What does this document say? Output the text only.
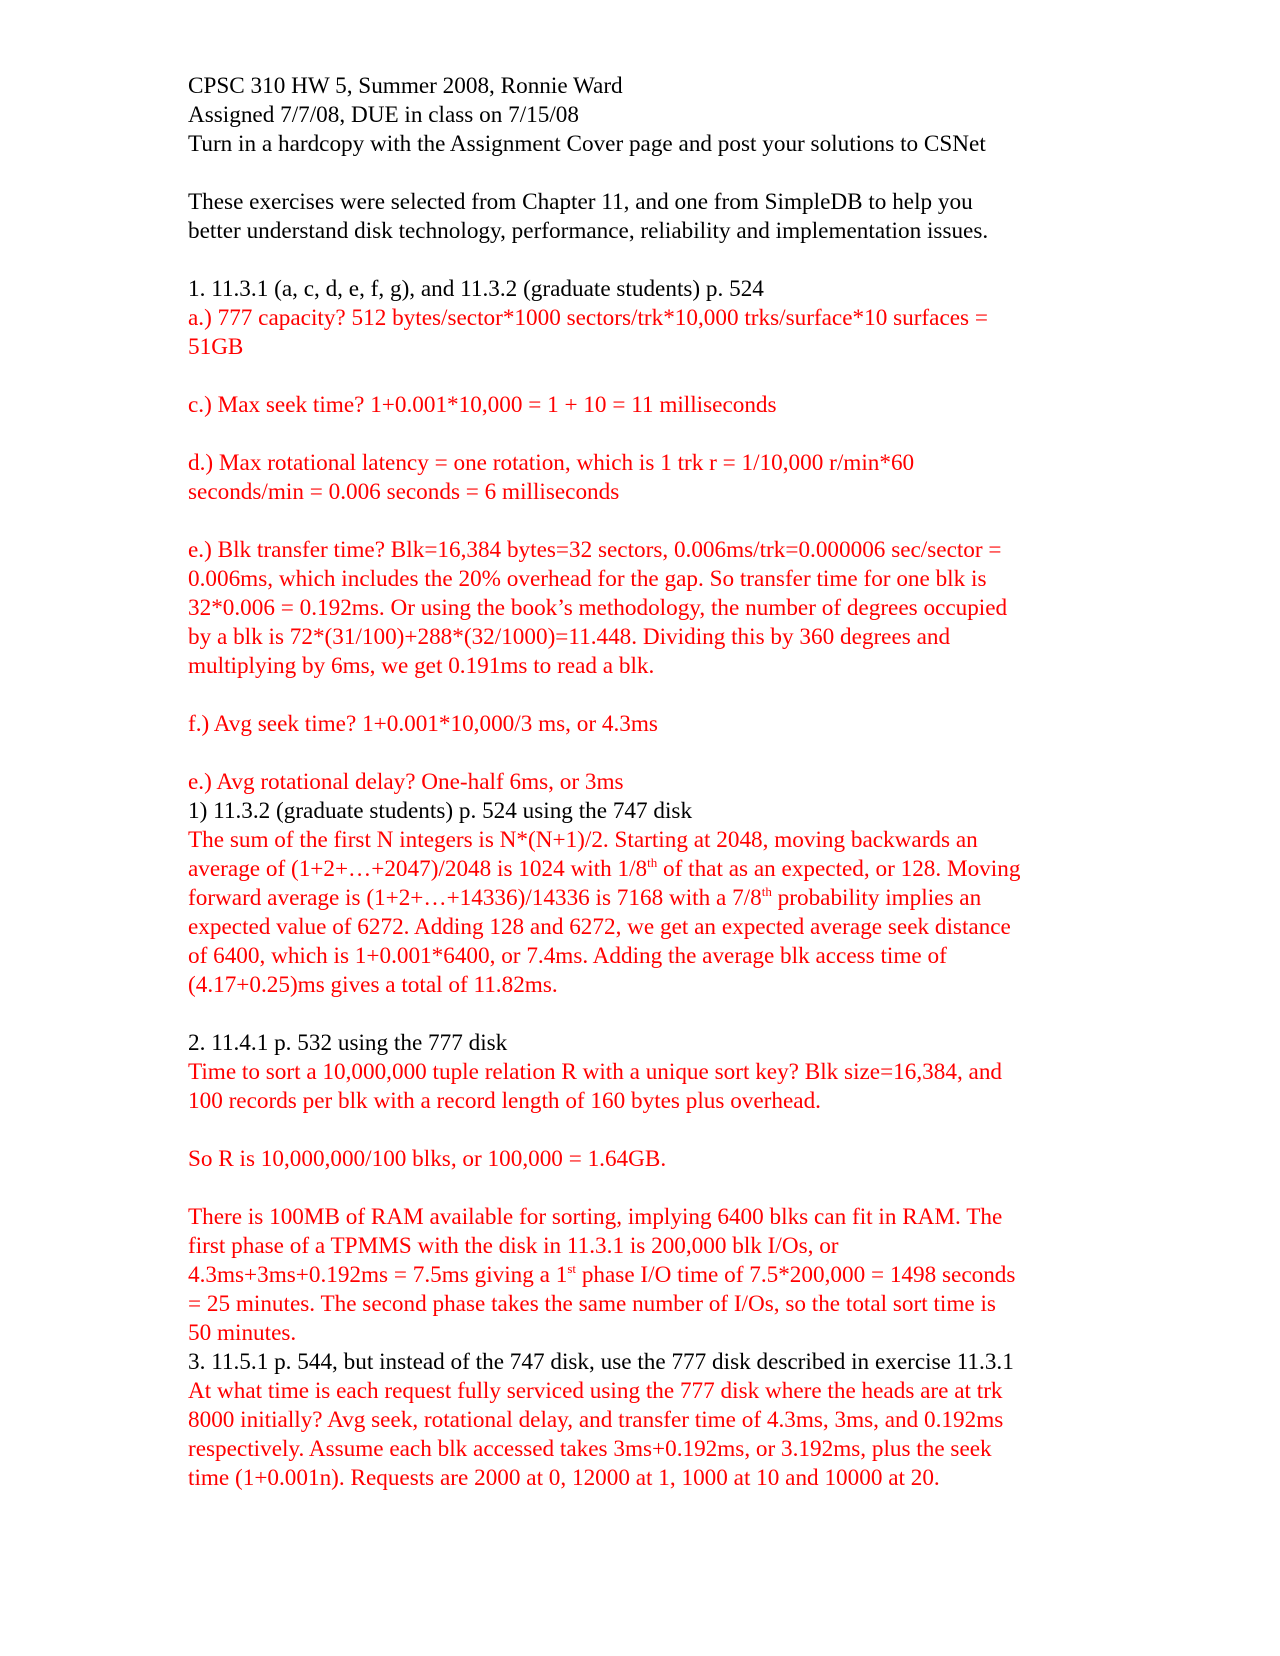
CPSC 310 HW 5, Summer 2008, Ronnie Ward
Assigned 7/7/08, DUE in class on 7/15/08
Turn in a hardcopy with the Assignment Cover page and post your solutions to CSNet
These exercises were selected from Chapter 11, and one from SimpleDB to help you
better understand disk technology, performance, reliability and implementation issues.
1. 11.3.1 (a, c, d, e, f, g), and 11.3.2 (graduate students) p. 524
a.) 777 capacity? 512 bytes/sector*1000 sectors/trk*10,000 trks/surface*10 surfaces =
51GB
c.) Max seek time? 1+0.001*10,000 = 1 + 10 = 11 milliseconds
d.) Max rotational latency = one rotation, which is 1 trk r = 1/10,000 r/min*60
seconds/min = 0.006 seconds = 6 milliseconds
e.) Blk transfer time? Blk=16,384 bytes=32 sectors, 0.006ms/trk=0.000006 sec/sector =
0.006ms, which includes the 20% overhead for the gap. So transfer time for one blk is
32*0.006 = 0.192ms. Or using the book’s methodology, the number of degrees occupied
by a blk is 72*(31/100)+288*(32/1000)=11.448. Dividing this by 360 degrees and
multiplying by 6ms, we get 0.191ms to read a blk.
f.) Avg seek time? 1+0.001*10,000/3 ms, or 4.3ms
e.) Avg rotational delay? One-half 6ms, or 3ms
1) 11.3.2 (graduate students) p. 524 using the 747 disk
The sum of the first N integers is N*(N+1)/2. Starting at 2048, moving backwards an
average of (1+2+…+2047)/2048 is 1024 with 1/8th of that as an expected, or 128. Moving
forward average is (1+2+…+14336)/14336 is 7168 with a 7/8th probability implies an
expected value of 6272. Adding 128 and 6272, we get an expected average seek distance
of 6400, which is 1+0.001*6400, or 7.4ms. Adding the average blk access time of
(4.17+0.25)ms gives a total of 11.82ms.
2. 11.4.1 p. 532 using the 777 disk
Time to sort a 10,000,000 tuple relation R with a unique sort key? Blk size=16,384, and
100 records per blk with a record length of 160 bytes plus overhead.
So R is 10,000,000/100 blks, or 100,000 = 1.64GB.
There is 100MB of RAM available for sorting, implying 6400 blks can fit in RAM. The
first phase of a TPMMS with the disk in 11.3.1 is 200,000 blk I/Os, or
4.3ms+3ms+0.192ms = 7.5ms giving a 1st phase I/O time of 7.5*200,000 = 1498 seconds
= 25 minutes. The second phase takes the same number of I/Os, so the total sort time is
50 minutes.
3. 11.5.1 p. 544, but instead of the 747 disk, use the 777 disk described in exercise 11.3.1
At what time is each request fully serviced using the 777 disk where the heads are at trk
8000 initially? Avg seek, rotational delay, and transfer time of 4.3ms, 3ms, and 0.192ms
respectively. Assume each blk accessed takes 3ms+0.192ms, or 3.192ms, plus the seek
time (1+0.001n). Requests are 2000 at 0, 12000 at 1, 1000 at 10 and 10000 at 20.
